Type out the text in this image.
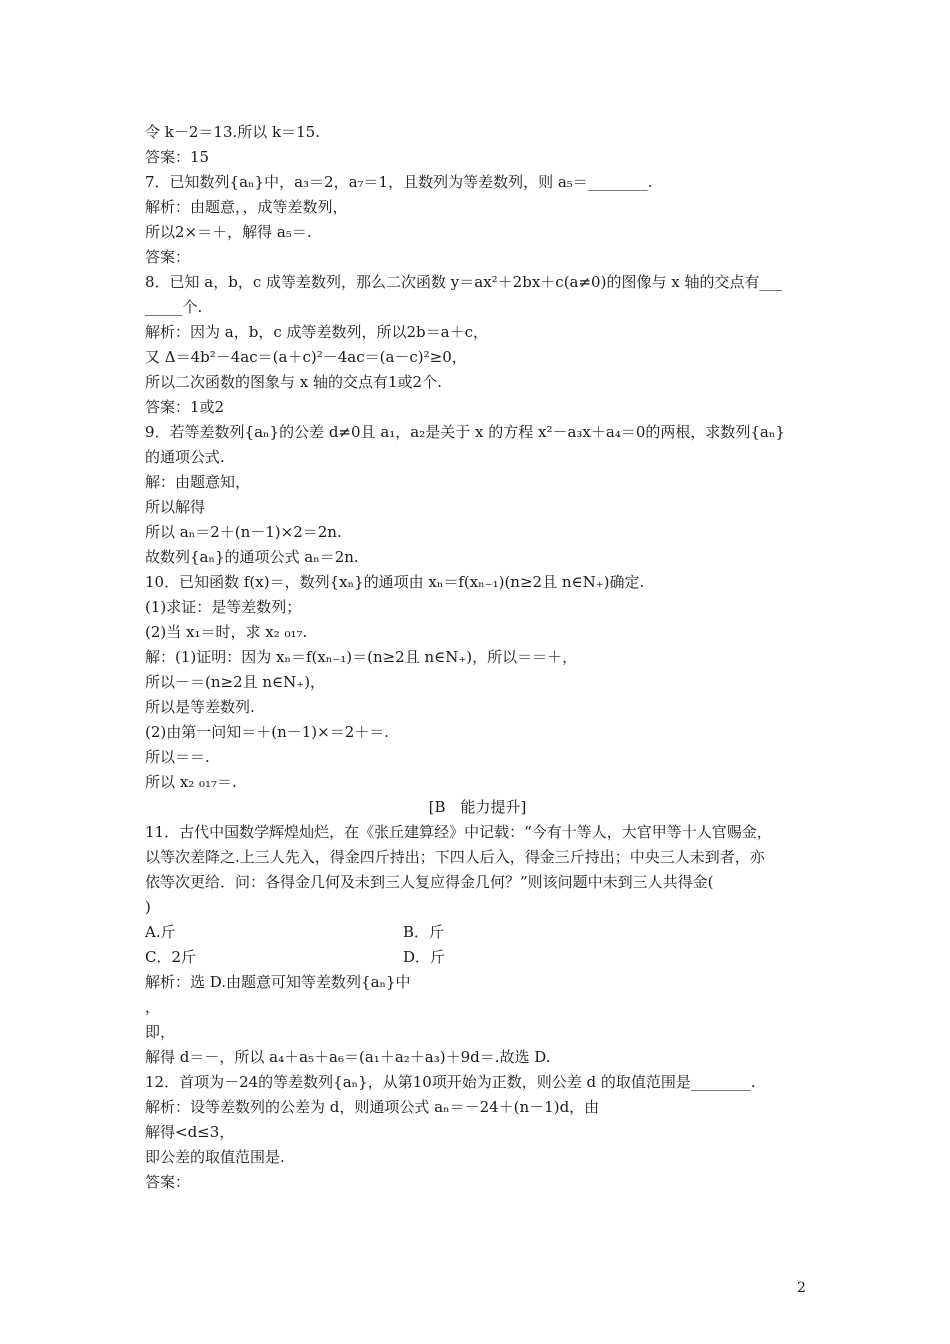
令 k－2＝13.所以 k＝15.
答案：15
7．已知数列{aₙ}中，a₃＝2，a₇＝1，且数列为等差数列，则 a₅＝________.
解析：由题意，，成等差数列，
所以2×＝＋，解得 a₅＝.
答案：
8．已知 a，b，c 成等差数列，那么二次函数 y＝ax²＋2bx＋c(a≠0)的图像与 x 轴的交点有___
_____个.
解析：因为 a，b，c 成等差数列，所以2b＝a＋c，
又 Δ＝4b²－4ac＝(a＋c)²－4ac＝(a－c)²≥0，
所以二次函数的图象与 x 轴的交点有1或2个.
答案：1或2
9．若等差数列{aₙ}的公差 d≠0且 a₁，a₂是关于 x 的方程 x²－a₃x＋a₄＝0的两根，求数列{aₙ}
的通项公式.
解：由题意知，
所以解得
所以 aₙ＝2＋(n－1)×2＝2n.
故数列{aₙ}的通项公式 aₙ＝2n.
10．已知函数 f(x)＝，数列{xₙ}的通项由 xₙ＝f(xₙ₋₁)(n≥2且 n∈N₊)确定.
(1)求证：是等差数列；
(2)当 x₁＝时，求 x₂ ₀₁₇.
解：(1)证明：因为 xₙ＝f(xₙ₋₁)＝(n≥2且 n∈N₊)，所以＝＝＋，
所以－＝(n≥2且 n∈N₊)，
所以是等差数列.
(2)由第一问知＝＋(n－1)×＝2＋＝.
所以＝＝.
所以 x₂ ₀₁₇＝.
[B　能力提升]
11．古代中国数学辉煌灿烂，在《张丘建算经》中记载：“今有十等人，大官甲等十人官赐金，
以等次差降之.上三人先入，得金四斤持出；下四人后入，得金三斤持出；中央三人未到者，亦
依等次更给．问：各得金几何及未到三人复应得金几何？”则该问题中未到三人共得金(
)
A.斤	B．斤
C．2斤	D．斤
解析：选 D.由题意可知等差数列{aₙ}中
，
即，
解得 d＝－，所以 a₄＋a₅＋a₆＝(a₁＋a₂＋a₃)＋9d＝.故选 D.
12．首项为－24的等差数列{aₙ}，从第10项开始为正数，则公差 d 的取值范围是________.
解析：设等差数列的公差为 d，则通项公式 aₙ＝－24＋(n－1)d，由
解得<d≤3，
即公差的取值范围是.
答案：
2
